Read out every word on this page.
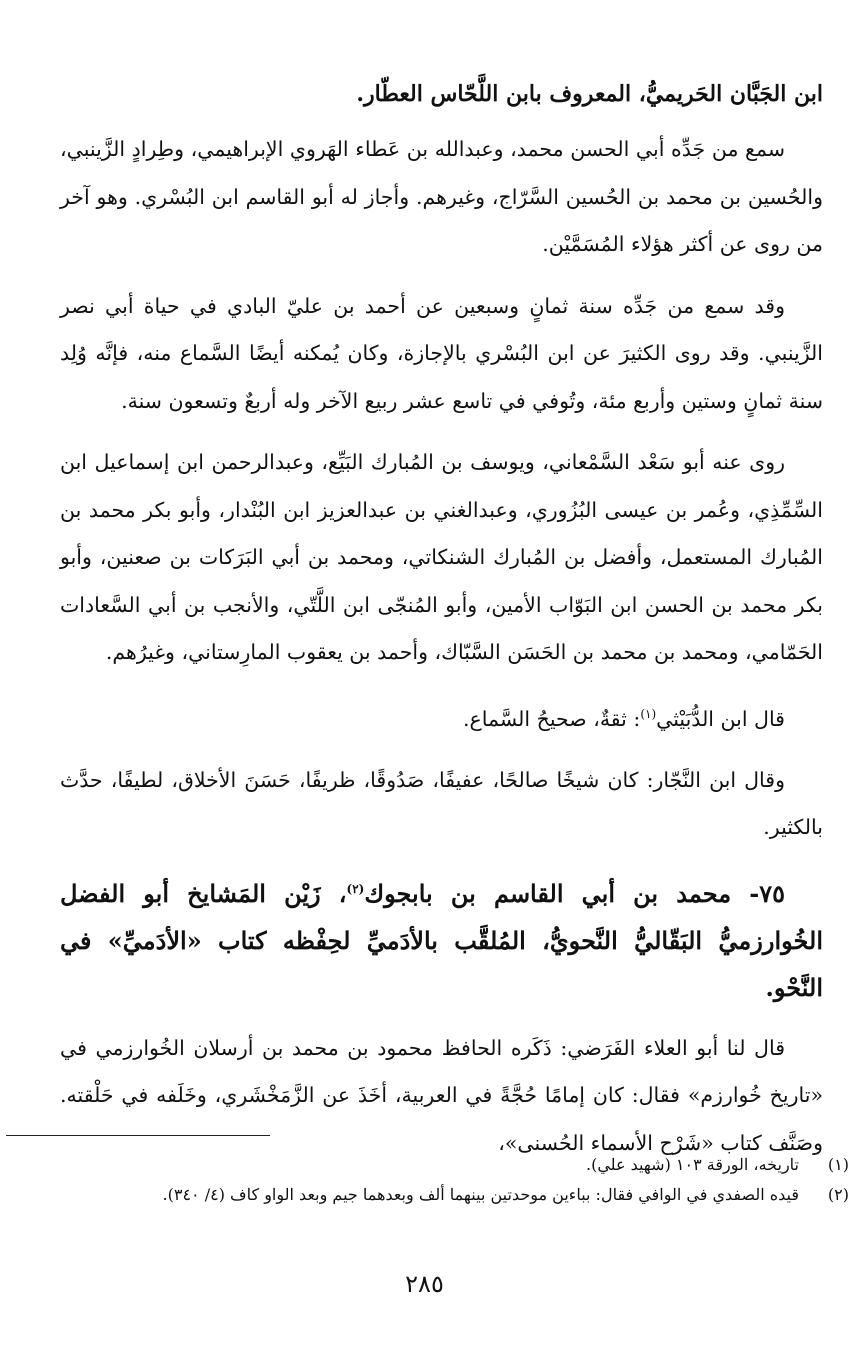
ابن الجَبَّان الحَريميُّ، المعروف بابن اللَّحّاس العطّار.

سمع من جَدِّه أبي الحسن محمد، وعبدالله بن عَطاء الهَروي الإبراهيمي، وطِرادٍ الزَّينبي، والحُسين بن محمد بن الحُسين السَّرّاج، وغيرهم. وأجاز له أبو القاسم ابن البُسْري. وهو آخر من روى عن أكثر هؤلاء المُسَمَّيْن.

وقد سمع من جَدِّه سنة ثمانٍ وسبعين عن أحمد بن عليّ البادي في حياة أبي نصر الزَّينبي. وقد روى الكثيرَ عن ابن البُسْري بالإجازة، وكان يُمكنه أيضًا السَّماع منه، فإنَّه وُلِد سنة ثمانٍ وستين وأربع مئة، وتُوفي في تاسع عشر ربيع الآخر وله أربعٌ وتسعون سنة.

روى عنه أبو سَعْد السَّمْعاني، ويوسف بن المُبارك البَيِّع، وعبدالرحمن ابن إسماعيل ابن السِّمِّذِي، وعُمر بن عيسى البُزُوري، وعبدالغني بن عبدالعزيز ابن البُنْدار، وأبو بكر محمد بن المُبارك المستعمل، وأفضل بن المُبارك الشنكاتي، ومحمد بن أبي البَرَكات بن صعنين، وأبو بكر محمد بن الحسن ابن البَوّاب الأمين، وأبو المُنجّى ابن اللَّتّي، والأنجب بن أبي السَّعادات الحَمّامي، ومحمد بن محمد بن الحَسَن السَّبّاك، وأحمد بن يعقوب المارِستاني، وغيرُهم.

قال ابن الدُّبَيْثي$^{(١)}$: ثقةٌ، صحيحُ السَّماع.

وقال ابن النَّجّار: كان شيخًا صالحًا، عفيفًا، صَدُوقًا، ظريفًا، حَسَنَ الأخلاق، لطيفًا، حدَّث بالكثير.

٧٥- محمد بن أبي القاسم بن بابجوك$^{(٢)}$، زَيْن المَشايخ أبو الفضل الخُوارزميُّ البَقّاليُّ النَّحويُّ، المُلقَّب بالأدَميِّ لحِفْظه كتاب «الأدَميِّ» في النَّحْو.

قال لنا أبو العلاء الفَرَضي: ذَكَره الحافظ محمود بن محمد بن أرسلان الخُوارزمي في «تاريخ خُوارزم» فقال: كان إمامًا حُجَّةً في العربية، أخَذَ عن الزَّمَخْشَري، وخَلَفه في حَلْقته. وصَنَّف كتاب «شَرْح الأسماء الحُسنى»،

(١)
تاريخه، الورقة ١٠٣ (شهيد علي).
(٢)
قيده الصفدي في الوافي فقال: بباءين موحدتين بينهما ألف وبعدهما جيم وبعد الواو كاف (٤/ ٣٤٠).
٢٨٥
